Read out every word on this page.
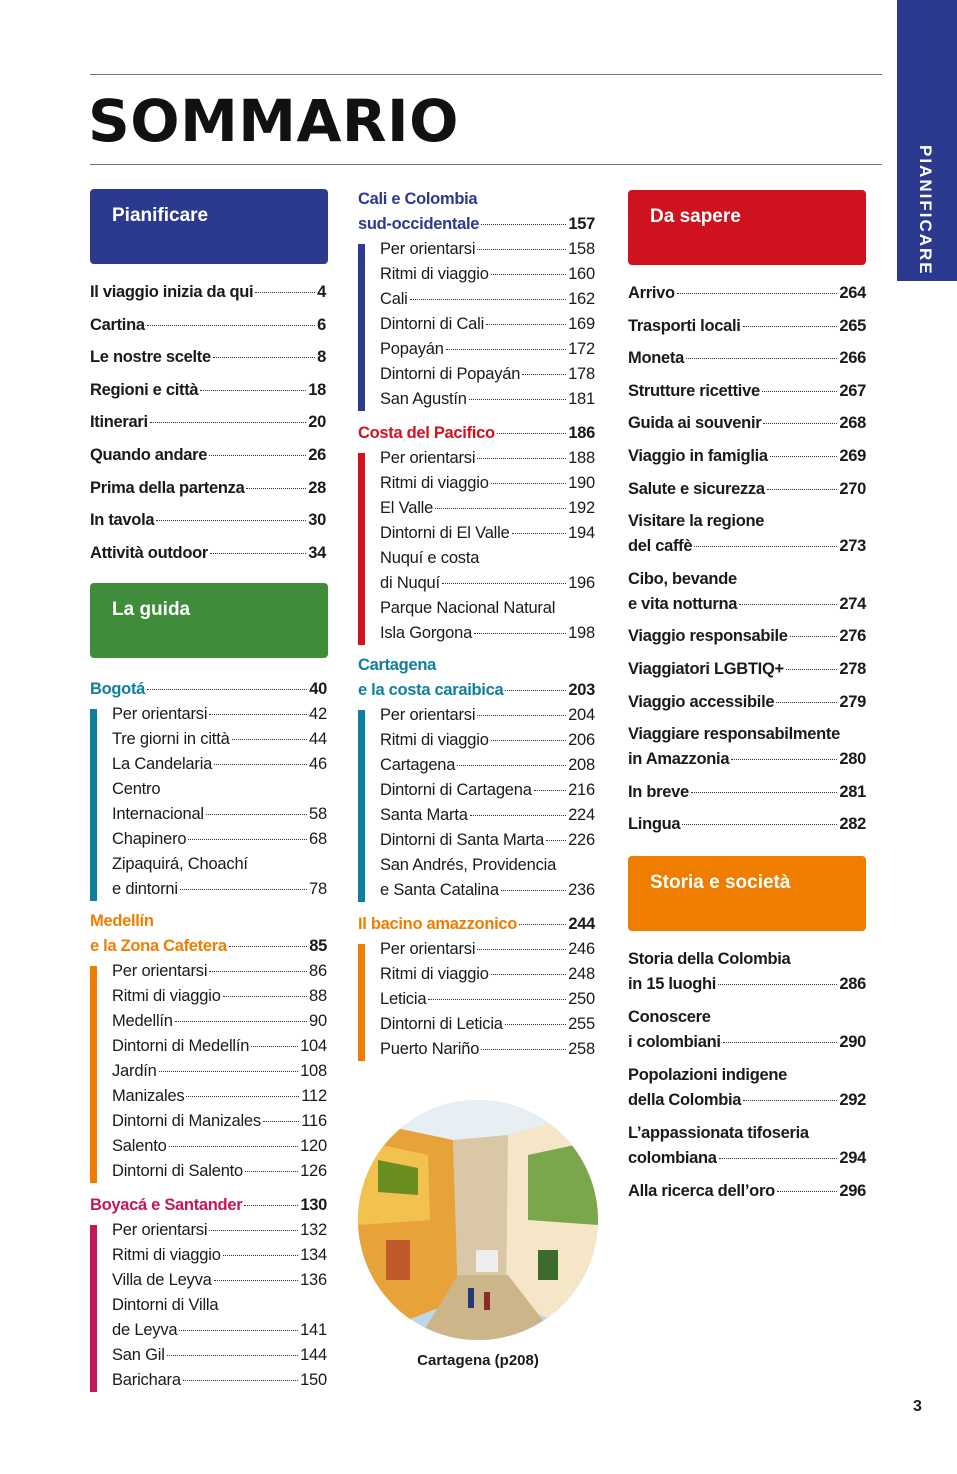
SOMMARIO
PIANIFICARE
Pianificare
Il viaggio inizia da qui	4
Cartina	6
Le nostre scelte	8
Regioni e città	18
Itinerari	20
Quando andare	26
Prima della partenza	28
In tavola	30
Attività outdoor	34
La guida
Bogotá	40
Per orientarsi	42
Tre giorni in città	44
La Candelaria	46
Centro
Internacional	58
Chapinero	68
Zipaquirá, Choachí
e dintorni	78
Medellín
e la Zona Cafetera	85
Per orientarsi	86
Ritmi di viaggio	88
Medellín	90
Dintorni di Medellín	104
Jardín	108
Manizales	112
Dintorni di Manizales 116
Salento	120
Dintorni di Salento	126
Boyacá e Santander	130
Per orientarsi	132
Ritmi di viaggio	134
Villa de Leyva	136
Dintorni di Villa
de Leyva	141
San Gil	144
Barichara	150
Cali e Colombia
sud-occidentale	157
Per orientarsi	158
Ritmi di viaggio	160
Cali	162
Dintorni di Cali	169
Popayán	172
Dintorni di Popayán	178
San Agustín	181
Costa del Pacifico	186
Per orientarsi	188
Ritmi di viaggio	190
El Valle	192
Dintorni di El Valle	194
Nuquí e costa
di Nuquí	196
Parque Nacional Natural
Isla Gorgona	198
Cartagena
e la costa caraibica	203
Per orientarsi	204
Ritmi di viaggio	206
Cartagena	208
Dintorni di Cartagena 216
Santa Marta	224
Dintorni di Santa Marta 226
San Andrés, Providencia
e Santa Catalina	236
Il bacino amazzonico	244
Per orientarsi	246
Ritmi di viaggio	248
Leticia	250
Dintorni di Leticia	255
Puerto Nariño	258
Cartagena (p208)
Da sapere
Arrivo	264
Trasporti locali	265
Moneta	266
Strutture ricettive	267
Guida ai souvenir	268
Viaggio in famiglia	269
Salute e sicurezza	270
Visitare la regione
del caffè	273
Cibo, bevande
e vita notturna	274
Viaggio responsabile	276
Viaggiatori LGBTIQ+	278
Viaggio accessibile	279
Viaggiare responsabilmente
in Amazzonia	280
In breve	281
Lingua	282
Storia e società
Storia della Colombia
in 15 luoghi	286
Conoscere
i colombiani	290
Popolazioni indigene
della Colombia	292
L’appassionata tifoseria
colombiana	294
Alla ricerca dell’oro	296
3
